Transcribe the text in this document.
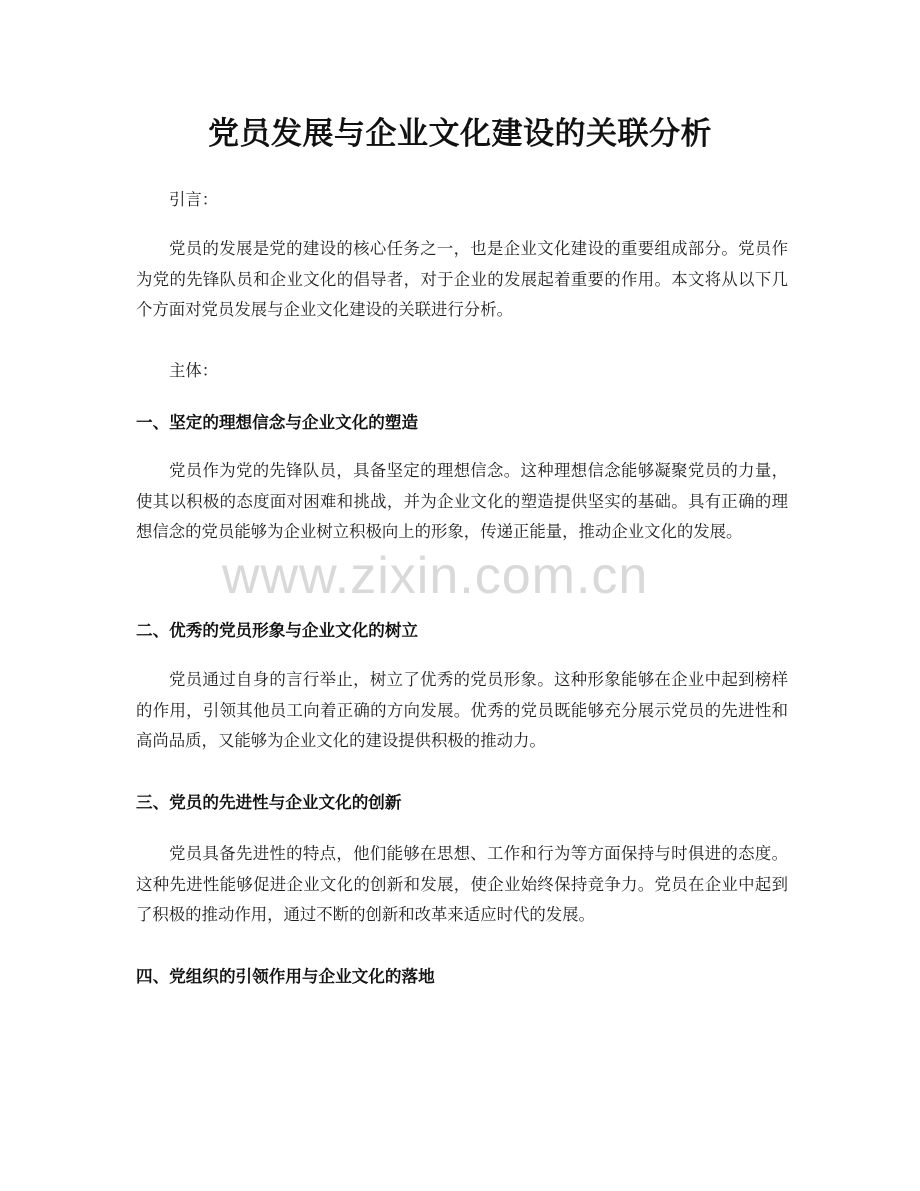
党员发展与企业文化建设的关联分析

引言：

党员的发展是党的建设的核心任务之一，也是企业文化建设的重要组成部分。党员作为党的先锋队员和企业文化的倡导者，对于企业的发展起着重要的作用。本文将从以下几个方面对党员发展与企业文化建设的关联进行分析。

主体：

一、坚定的理想信念与企业文化的塑造

党员作为党的先锋队员，具备坚定的理想信念。这种理想信念能够凝聚党员的力量，使其以积极的态度面对困难和挑战，并为企业文化的塑造提供坚实的基础。具有正确的理想信念的党员能够为企业树立积极向上的形象，传递正能量，推动企业文化的发展。

二、优秀的党员形象与企业文化的树立

党员通过自身的言行举止，树立了优秀的党员形象。这种形象能够在企业中起到榜样的作用，引领其他员工向着正确的方向发展。优秀的党员既能够充分展示党员的先进性和高尚品质，又能够为企业文化的建设提供积极的推动力。

三、党员的先进性与企业文化的创新

党员具备先进性的特点，他们能够在思想、工作和行为等方面保持与时俱进的态度。这种先进性能够促进企业文化的创新和发展，使企业始终保持竞争力。党员在企业中起到了积极的推动作用，通过不断的创新和改革来适应时代的发展。

四、党组织的引领作用与企业文化的落地
www.zixin.com.cn
